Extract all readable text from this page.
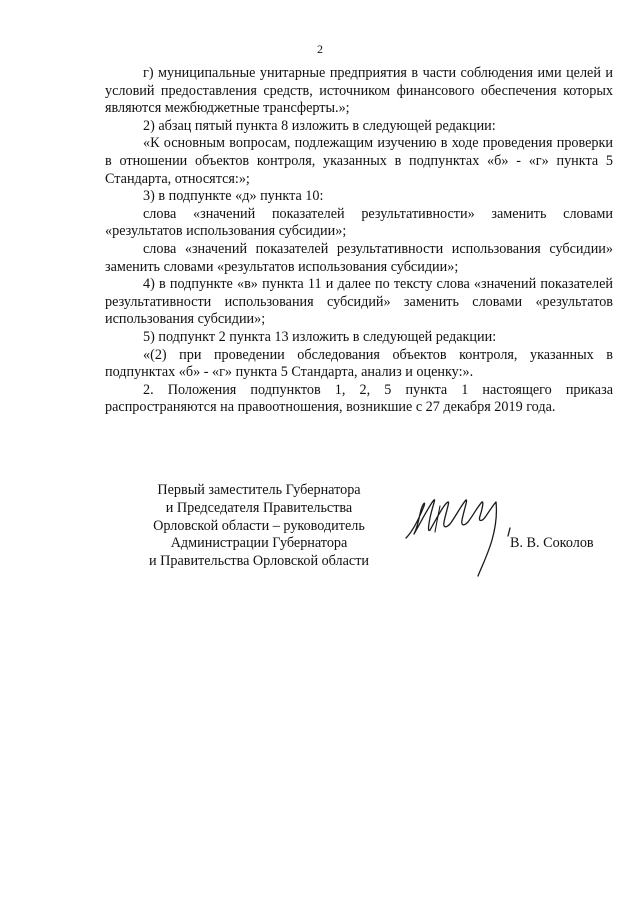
2

г) муниципальные унитарные предприятия в части соблюдения ими целей и условий предоставления средств, источником финансового обеспечения которых являются межбюджетные трансферты.»;

2) абзац пятый пункта 8 изложить в следующей редакции:

«К основным вопросам, подлежащим изучению в ходе проведения проверки в отношении объектов контроля, указанных в подпунктах «б» - «г» пункта 5 Стандарта, относятся:»;

3) в подпункте «д» пункта 10:

слова «значений показателей результативности» заменить словами «результатов использования субсидии»;

слова «значений показателей результативности использования субсидии» заменить словами «результатов использования субсидии»;

4) в подпункте «в» пункта 11 и далее по тексту слова «значений показателей результативности использования субсидий» заменить словами «результатов использования субсидии»;

5) подпункт 2 пункта 13 изложить в следующей редакции:

«(2) при проведении обследования объектов контроля, указанных в подпунктах «б» - «г» пункта 5 Стандарта, анализ и оценку:».

2. Положения подпунктов 1, 2, 5 пункта 1 настоящего приказа распространяются на правоотношения, возникшие с 27 декабря 2019 года.

Первый заместитель Губернатора
и Председателя Правительства
Орловской области – руководитель
Администрации Губернатора
и Правительства Орловской области
В. В. Соколов
